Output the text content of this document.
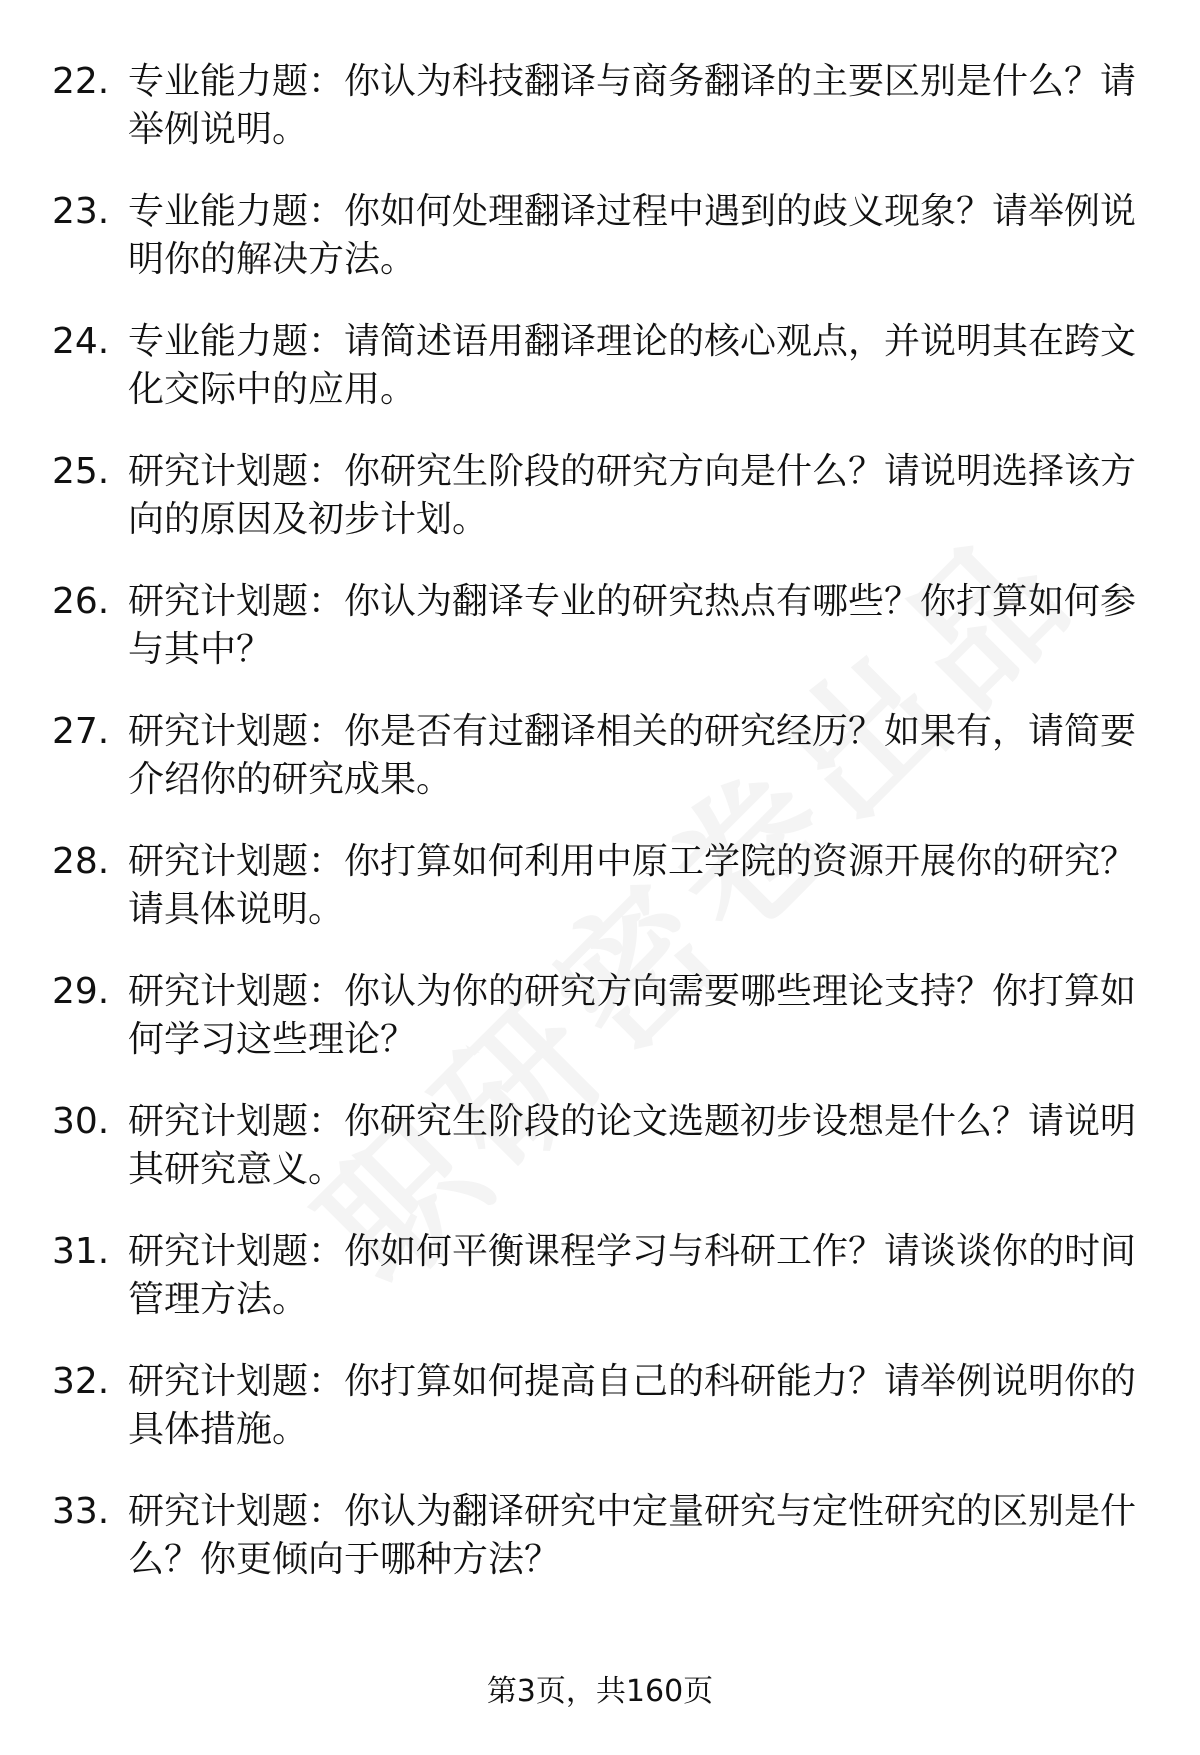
22. 专业能力题：你认为科技翻译与商务翻译的主要区别是什么？请举例说明。
23. 专业能力题：你如何处理翻译过程中遇到的歧义现象？请举例说明你的解决方法。
24. 专业能力题：请简述语用翻译理论的核心观点，并说明其在跨文化交际中的应用。
25. 研究计划题：你研究生阶段的研究方向是什么？请说明选择该方向的原因及初步计划。
26. 研究计划题：你认为翻译专业的研究热点有哪些？你打算如何参与其中？
27. 研究计划题：你是否有过翻译相关的研究经历？如果有，请简要介绍你的研究成果。
28. 研究计划题：你打算如何利用中原工学院的资源开展你的研究？请具体说明。
29. 研究计划题：你认为你的研究方向需要哪些理论支持？你打算如何学习这些理论？
30. 研究计划题：你研究生阶段的论文选题初步设想是什么？请说明其研究意义。
31. 研究计划题：你如何平衡课程学习与科研工作？请谈谈你的时间管理方法。
32. 研究计划题：你打算如何提高自己的科研能力？请举例说明你的具体措施。
33. 研究计划题：你认为翻译研究中定量研究与定性研究的区别是什么？你更倾向于哪种方法？
第3页，共160页
